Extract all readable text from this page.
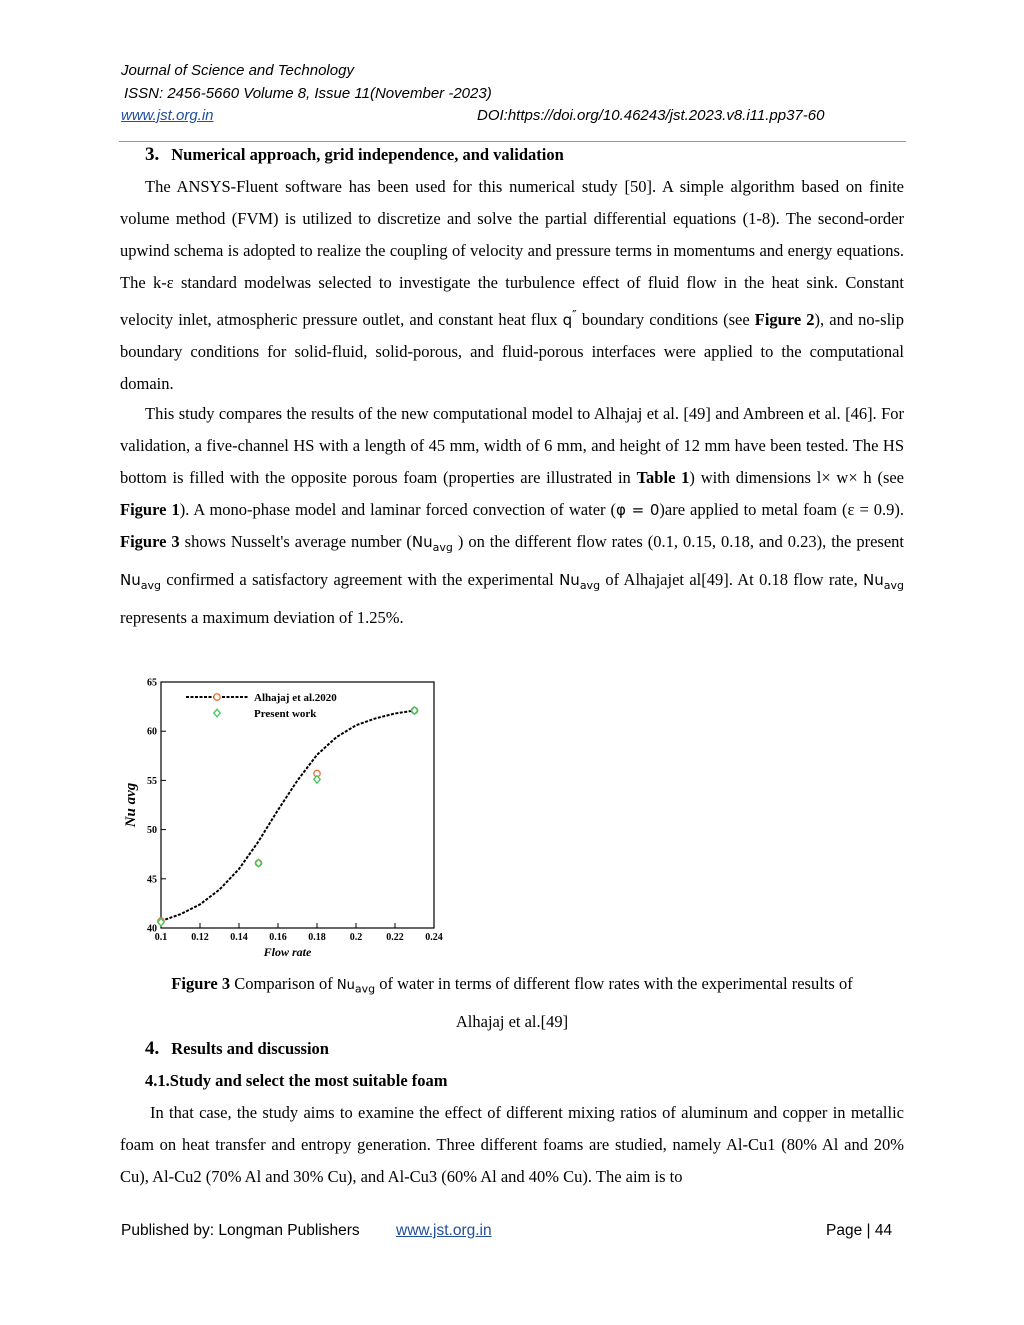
Journal of Science and Technology
ISSN: 2456-5660 Volume 8, Issue 11(November -2023)
www.jst.org.in	DOI:https://doi.org/10.46243/jst.2023.v8.i11.pp37-60
3. Numerical approach, grid independence, and validation

The ANSYS-Fluent software has been used for this numerical study [50]. A simple algorithm based on finite volume method (FVM) is utilized to discretize and solve the partial differential equations (1-8). The second-order upwind schema is adopted to realize the coupling of velocity and pressure terms in momentums and energy equations. The k-ε standard modelwas selected to investigate the turbulence effect of fluid flow in the heat sink. Constant velocity inlet, atmospheric pressure outlet, and constant heat flux q″ boundary conditions (see Figure 2), and no-slip boundary conditions for solid-fluid, solid-porous, and fluid-porous interfaces were applied to the computational domain.

This study compares the results of the new computational model to Alhajaj et al. [49] and Ambreen et al. [46]. For validation, a five-channel HS with a length of 45 mm, width of 6 mm, and height of 12 mm have been tested. The HS bottom is filled with the opposite porous foam (properties are illustrated in Table 1) with dimensions l× w× h (see Figure 1). A mono-phase model and laminar forced convection of water (φ = 0)are applied to metal foam (ε = 0.9). Figure 3 shows Nusselt's average number ($Nu_{avg}$ ) on the different flow rates (0.1, 0.15, 0.18, and 0.23), the present $Nu_{avg}$ confirmed a satisfactory agreement with the experimental $Nu_{avg}$ of Alhajajet al[49]. At 0.18 flow rate, $Nu_{avg}$ represents a maximum deviation of 1.25%.

0.1 0.12 0.14 0.16 0.18 0.2 0.22 0.24
40
45
50
55
60
65
Flow rate
Nu avg
Alhajaj et al.2020
Present work
Figure 3 Comparison of $Nu_{avg}$ of water in terms of different flow rates with the experimental results of
Alhajaj et al.[49]
4. Results and discussion
4.1.Study and select the most suitable foam

In that case, the study aims to examine the effect of different mixing ratios of aluminum and copper in metallic foam on heat transfer and entropy generation. Three different foams are studied, namely Al-Cu1 (80% Al and 20% Cu), Al-Cu2 (70% Al and 30% Cu), and Al-Cu3 (60% Al and 40% Cu). The aim is to

Published by: Longman Publishers www.jst.org.in	Page | 44
